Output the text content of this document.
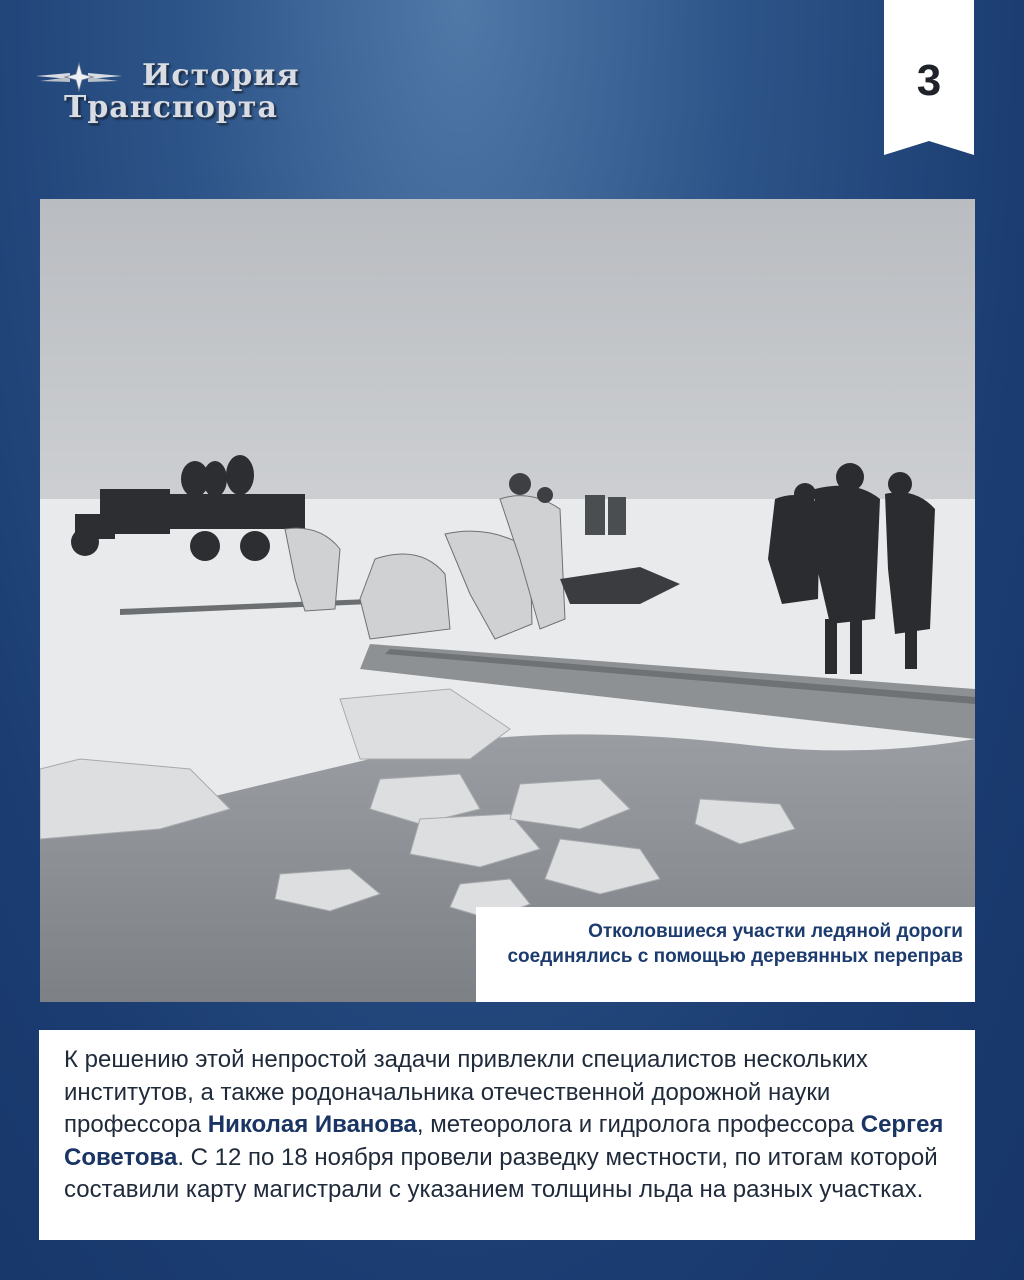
История
Транспорта
3
Отколовшиеся участки ледяной дороги соединялись с помощью деревянных переправ
К решению этой непростой задачи привлекли специалистов нескольких институтов, а также родоначальника отечественной дорожной науки профессора Николая Иванова, метеоролога и гидролога профессора Сергея Советова. С 12 по 18 ноября провели разведку местности, по итогам которой составили карту магистрали с указанием толщины льда на разных участках.
